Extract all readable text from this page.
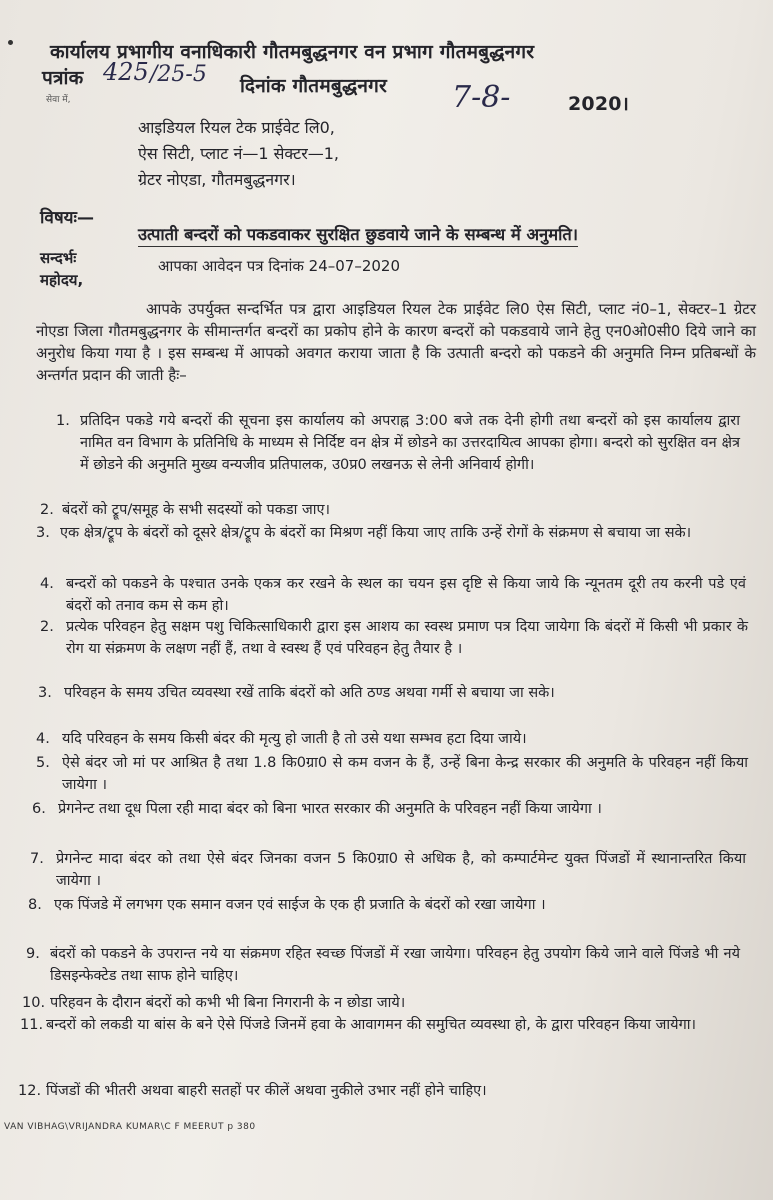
कार्यालय प्रभागीय वनाधिकारी गौतमबुद्धनगर वन प्रभाग गौतमबुद्धनगर
पत्रांक 425 /25-5
सेवा में,
दिनांक गौतमबुद्धनगर 7-8-	2020।
आइडियल रियल टेक प्राईवेट लि0,
ऐस सिटी, प्लाट नं—1 सेक्टर—1,
ग्रेटर नोएडा, गौतमबुद्धनगर।
विषयः—
उत्पाती बन्दरों को पकडवाकर सुरक्षित छुडवाये जाने के सम्बन्ध में अनुमति।
सन्दर्भः	आपका आवेदन पत्र दिनांक 24–07–2020
महोदय,
आपके उपर्युक्त सन्दर्भित पत्र द्वारा आइडियल रियल टेक प्राईवेट लि0 ऐस सिटी, प्लाट नं0–1, सेक्टर–1 ग्रेटर नोएडा जिला गौतमबुद्धनगर के सीमान्तर्गत बन्दरों का प्रकोप होने के कारण बन्दरों को पकडवाये जाने हेतु एन0ओ0सी0 दिये जाने का अनुरोध किया गया है । इस सम्बन्ध में आपको अवगत कराया जाता है कि उत्पाती बन्दरो को पकडने की अनुमति निम्न प्रतिबन्धों के अन्तर्गत प्रदान की जाती हैः–
1. प्रतिदिन पकडे गये बन्दरों की सूचना इस कार्यालय को अपराह्न 3:00 बजे तक देनी होगी तथा बन्दरों को इस कार्यालय द्वारा नामित वन विभाग के प्रतिनिधि के माध्यम से निर्दिष्ट वन क्षेत्र में छोडने का उत्तरदायित्व आपका होगा। बन्दरो को सुरक्षित वन क्षेत्र में छोडने की अनुमति मुख्य वन्यजीव प्रतिपालक, उ0प्र0 लखनऊ से लेनी अनिवार्य होगी।
2. बंदरों को ट्रूप/समूह के सभी सदस्यों को पकडा जाए।
3. एक क्षेत्र/ट्रूप के बंदरों को दूसरे क्षेत्र/ट्रूप के बंदरों का मिश्रण नहीं किया जाए ताकि उन्हें रोगों के संक्रमण से बचाया जा सके।
4. बन्दरों को पकडने के पश्चात उनके एकत्र कर रखने के स्थल का चयन इस दृष्टि से किया जाये कि न्यूनतम दूरी तय करनी पडे एवं बंदरों को तनाव कम से कम हो।
2. प्रत्येक परिवहन हेतु सक्षम पशु चिकित्साधिकारी द्वारा इस आशय का स्वस्थ प्रमाण पत्र दिया जायेगा कि बंदरों में किसी भी प्रकार के रोग या संक्रमण के लक्षण नहीं हैं, तथा वे स्वस्थ हैं एवं परिवहन हेतु तैयार है ।
3. परिवहन के समय उचित व्यवस्था रखें ताकि बंदरों को अति ठण्ड अथवा गर्मी से बचाया जा सके।
4. यदि परिवहन के समय किसी बंदर की मृत्यु हो जाती है तो उसे यथा सम्भव हटा दिया जाये।
5. ऐसे बंदर जो मां पर आश्रित है तथा 1.8 कि0ग्रा0 से कम वजन के हैं, उन्हें बिना केन्द्र सरकार की अनुमति के परिवहन नहीं किया जायेगा ।
6. प्रेगनेन्ट तथा दूध पिला रही मादा बंदर को बिना भारत सरकार की अनुमति के परिवहन नहीं किया जायेगा ।
7. प्रेगनेन्ट मादा बंदर को तथा ऐसे बंदर जिनका वजन 5 कि0ग्रा0 से अधिक है, को कम्पार्टमेन्ट युक्त पिंजडों में स्थानान्तरित किया जायेगा ।
8. एक पिंजडे में लगभग एक समान वजन एवं साईज के एक ही प्रजाति के बंदरों को रखा जायेगा ।
9. बंदरों को पकडने के उपरान्त नये या संक्रमण रहित स्वच्छ पिंजडों में रखा जायेगा। परिवहन हेतु उपयोग किये जाने वाले पिंजडे भी नये डिसइन्फेक्टेड तथा साफ होने चाहिए।
10. परिहवन के दौरान बंदरों को कभी भी बिना निगरानी के न छोडा जाये।
11. बन्दरों को लकडी या बांस के बने ऐसे पिंजडे जिनमें हवा के आवागमन की समुचित व्यवस्था हो, के द्वारा परिवहन किया जायेगा।
12. पिंजडों की भीतरी अथवा बाहरी सतहों पर कीलें अथवा नुकीले उभार नहीं होने चाहिए।
VAN VIBHAG\VRIJANDRA KUMAR\C F MEERUT p 380
